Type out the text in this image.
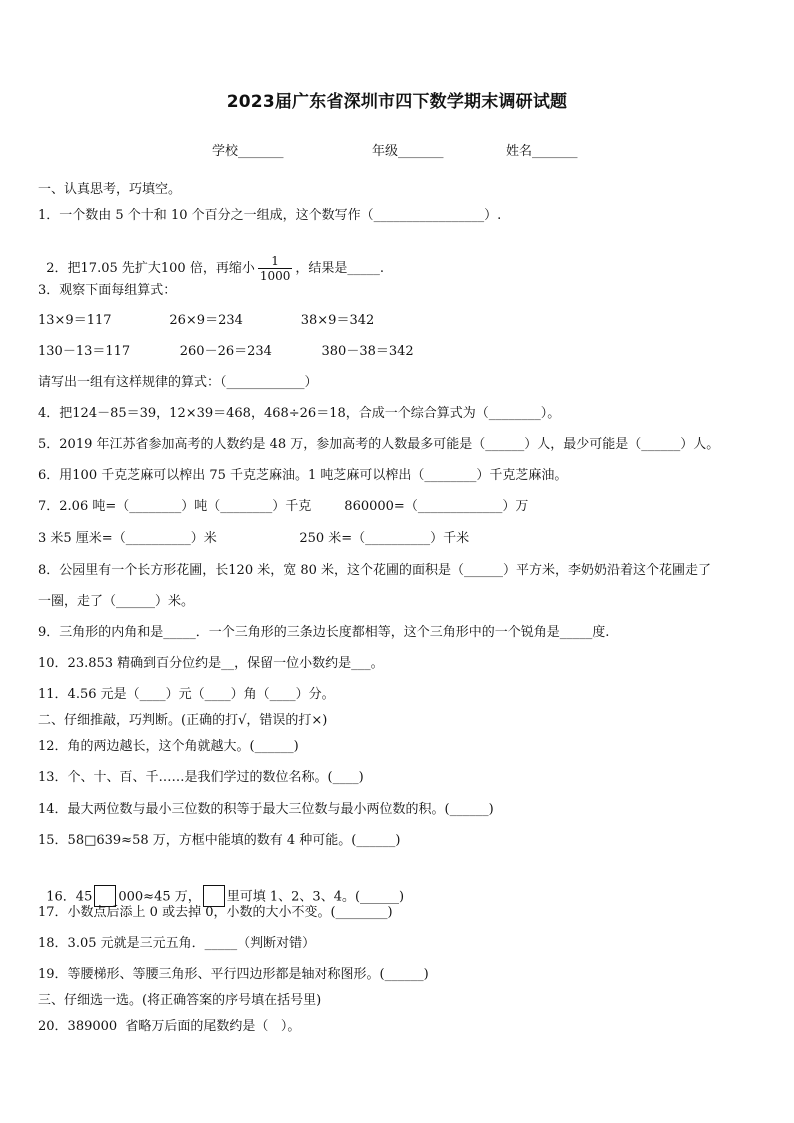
2023届广东省深圳市四下数学期末调研试题
学校_______	年级_______	姓名_______
一、认真思考，巧填空。
1．一个数由 5 个十和 10 个百分之一组成，这个数写作（_________________）.

2．把17.05 先扩大100 倍，再缩小 $\frac{1}{1000}$ ，结果是_____.

3．观察下面每组算式：
13×9＝117              26×9＝234              38×9＝342
130－13＝117            260－26＝234            380－38＝342
请写出一组有这样规律的算式：（____________）
4．把124－85＝39，12×39＝468，468÷26＝18，合成一个综合算式为（________）。
5．2019 年江苏省参加高考的人数约是 48 万，参加高考的人数最多可能是（______）人，最少可能是（______）人。
6．用100 千克芝麻可以榨出 75 千克芝麻油。1 吨芝麻可以榨出（________）千克芝麻油。
7．2.06 吨=（________）吨（________）千克        860000=（_____________）万
3 米5 厘米=（__________）米                    250 米=（__________）千米
8．公园里有一个长方形花圃，长120 米，宽 80 米，这个花圃的面积是（______）平方米，李奶奶沿着这个花圃走了
一圈，走了（______）米。
9．三角形的内角和是_____．一个三角形的三条边长度都相等，这个三角形中的一个锐角是_____度.
10．23.853 精确到百分位约是__，保留一位小数约是___。
11．4.56 元是（____）元（____）角（____）分。
二、仔细推敲，巧判断。(正确的打√，错误的打×)
12．角的两边越长，这个角就越大。(______)
13．个、十、百、千……是我们学过的数位名称。(____)
14．最大两位数与最小三位数的积等于最大三位数与最小两位数的积。(______)
15．58□639≈58 万，方框中能填的数有 4 种可能。(______)

16．45 000≈45 万， 里可填 1、2、3、4。(______)

17．小数点后添上 0 或去掉 0，小数的大小不变。(________)
18．3.05 元就是三元五角．_____（判断对错）
19．等腰梯形、等腰三角形、平行四边形都是轴对称图形。(______)
三、仔细选一选。(将正确答案的序号填在括号里)
20．389000  省略万后面的尾数约是（   ）。
